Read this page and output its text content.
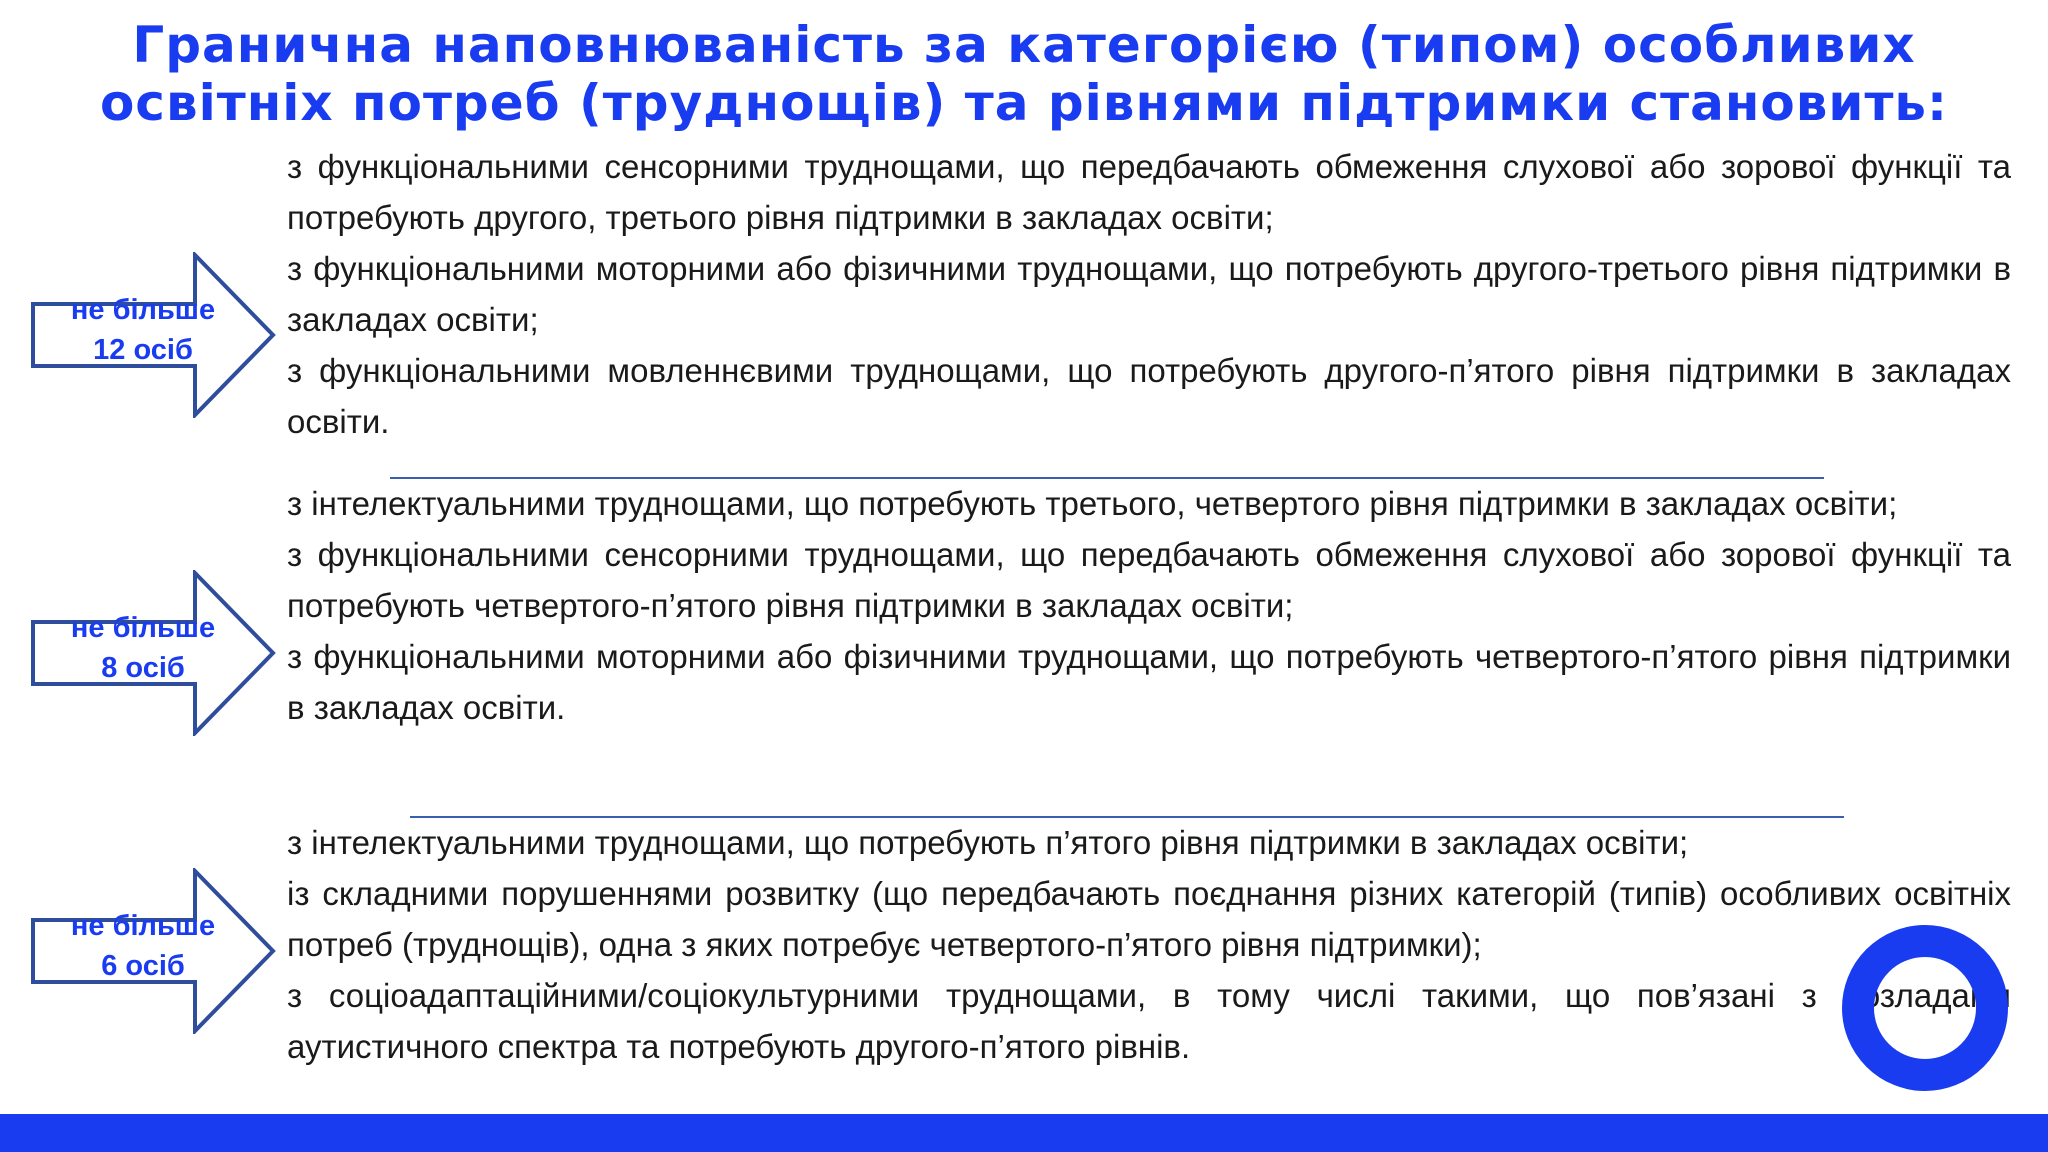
Гранична наповнюваність за категорією (типом) особливих
освітніх потреб (труднощів) та рівнями підтримки становить:
не більше
12 осіб

з функціональними сенсорними труднощами, що передбачають обмеження слухової або зорової функції та потребують другого, третього рівня підтримки в закладах освіти;

з функціональними моторними або фізичними труднощами, що потребують другого-третього рівня підтримки в закладах освіти;

з функціональними мовленнєвими труднощами, що потребують другого-п’ятого рівня підтримки в закладах освіти.

не більше
8 осіб

з інтелектуальними труднощами, що потребують третього, четвертого рівня підтримки в закладах освіти;

з функціональними сенсорними труднощами, що передбачають обмеження слухової або зорової функції та потребують четвертого-п’ятого рівня підтримки в закладах освіти;

з функціональними моторними або фізичними труднощами, що потребують четвертого-п’ятого рівня підтримки в закладах освіти.

не більше
6 осіб

з інтелектуальними труднощами, що потребують п’ятого рівня підтримки в закладах освіти;

із складними порушеннями розвитку (що передбачають поєднання різних категорій (типів) особливих освітніх потреб (труднощів), одна з яких потребує четвертого-п’ятого рівня підтримки);

з соціоадаптаційними/соціокультурними труднощами, в тому числі такими, що пов’язані з розладами аутистичного спектра та потребують другого-п’ятого рівнів.
